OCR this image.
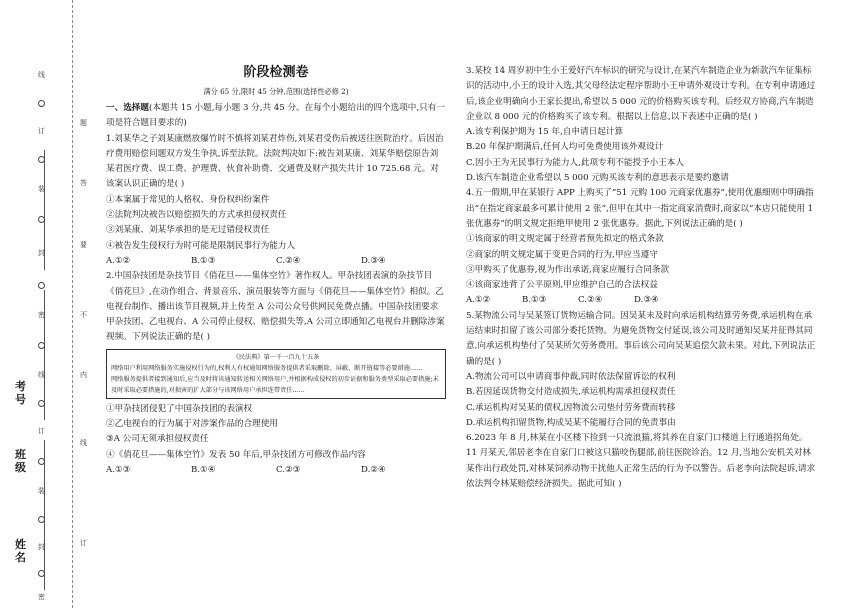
姓名
班级
考号
线
订
装
封
密
线
订
装
封
密
题
答
要
不
内
线
订
阶段检测卷
满分 65 分,限时 45 分钟,范围(选择性必修 2)

一、选择题(本题共 15 小题,每小题 3 分,共 45 分。在每个小题给出的四个选项中,只有一项是符合题目要求的)

1.刘某华之子刘某康燃放爆竹时不慎将刘某君炸伤,刘某君受伤后被送往医院治疗。后因治疗费用赔偿问题双方发生争执,诉至法院。法院判决如下:被告刘某康、刘某华赔偿原告刘某君医疗费、误工费、护理费、伙食补助费、交通费及财产损失共计 10 725.68 元。对该案认识正确的是( )

①本案属于常见的人格权、身份权纠纷案件

②法院判决被告以赔偿损失的方式承担侵权责任

③刘某康、刘某华承担的是无过错侵权责任

④被告发生侵权行为时可能是限制民事行为能力人

A.①②	B.①③	C.②④	D.③④

2.中国杂技团是杂技节目《俏花旦——集体空竹》著作权人。甲杂技团表演的杂技节目《俏花旦》,在动作组合、背景音乐、演员服装等方面与《俏花旦——集体空竹》相似。乙电视台制作、播出该节目视频,并上传至 A 公司公众号供网民免费点播。中国杂技团要求甲杂技团、乙电视台、A 公司停止侵权、赔偿损失等,A 公司立即通知乙电视台并删除涉案视频。下列说法正确的是( )

《民法典》第一千一百九十五条
网络用户利用网络服务实施侵权行为的,权利人有权通知网络服务提供者采取删除、屏蔽、断开链接等必要措施……
网络服务提供者接到通知后,应当及时将该通知转送相关网络用户,并根据构成侵权的初步证据和服务类型采取必要措施;未及时采取必要措施的,对损害的扩大部分与该网络用户承担连带责任……

①甲杂技团侵犯了中国杂技团的表演权

②乙电视台的行为属于对涉案作品的合理使用

③A 公司无须承担侵权责任

④《俏花旦——集体空竹》发表 50 年后,甲杂技团方可修改作品内容

A.①③	B.①④	C.②③	D.②④

3.某校 14 周岁初中生小王爱好汽车标识的研究与设计,在某汽车制造企业为新款汽车征集标识的活动中,小王的设计入选,其父母经法定程序帮助小王申请外观设计专利。在专利申请通过后,该企业明确向小王家长提出,希望以 5 000 元的价格购买该专利。后经双方协商,汽车制造企业以 8 000 元的价格购买了该专利。根据以上信息,以下表述中正确的是( )

A.该专利保护期为 15 年,自申请日起计算

B.20 年保护期满后,任何人均可免费使用该外观设计

C.因小王为无民事行为能力人,此项专利不能授予小王本人

D.该汽车制造企业希望以 5 000 元购买该专利的意思表示是要约邀请

4.五一假期,甲在某银行 APP 上购买了“51 元购 100 元商家优惠券”,使用优惠细则中明确指出“在指定商家最多可累计使用 2 张”,但甲在其中一指定商家消费时,商家以“本店只能使用 1 张优惠券”的明文规定拒绝甲使用 2 张优惠券。据此,下列说法正确的是( )

①该商家的明文规定属于经营者预先拟定的格式条款

②商家的明文规定属于变更合同的行为,甲应当遵守

③甲购买了优惠券,视为作出承诺,商家应履行合同条款

④该商家违背了公平原则,甲应维护自己的合法权益

A.①②	B.①③	C.②④	D.③④

5.某物流公司与吴某签订货物运输合同。因吴某未及时向承运机构结算劳务费,承运机构在承运结束时扣留了该公司部分委托货物。为避免货物交付延误,该公司及时通知吴某并征得其同意,向承运机构垫付了吴某所欠劳务费用。事后该公司向吴某追偿欠款未果。对此,下列说法正确的是( )

A.物流公司可以申请商事仲裁,同时依法保留诉讼的权利

B.若因延误货物交付造成损失,承运机构需承担侵权责任

C.承运机构对吴某的债权,因物流公司垫付劳务费而转移

D.承运机构扣留货物,构成吴某不能履行合同的免责事由

6.2023 年 8 月,林某在小区楼下捡到一只流浪猫,将其养在自家门口楼道上行通道拐角处。11 月某天,邻居老李在自家门口被这只猫咬伤腿部,前往医院诊治。12 月,当地公安机关对林某作出行政处罚,对林某饲养动物干扰他人正常生活的行为予以警告。后老李向法院起诉,请求依法判令林某赔偿经济损失。据此可知( )
